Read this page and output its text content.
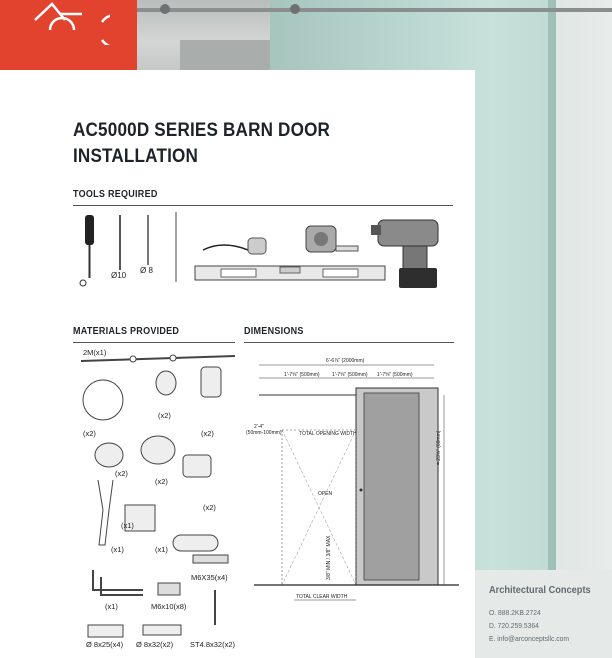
AC5000D SERIES BARN DOOR
INSTALLATION
TOOLS REQUIRED
Ø10
Ø 8
MATERIALS PROVIDED	DIMENSIONS
2M(x1)
(x2)
(x2)
(x2)
(x2)
(x2)
(x2)
(x1)
(x1)	(x1)
M6X35(x4)
(x1)	M6x10(x8)
Ø 8x25(x4) Ø 8x32(x2) ST4.8x32(x2)
6'-6⅞" (2000mm)
1'-7⅝" (500mm) 1'-7⅝" (500mm) 1'-7⅝" (500mm)
2'-4"
(50mm-100mm)	TOTAL OPENING WIDTH
OPEN
= 23⅝" (60mm)
3/8" MIN / 3/8" MAX
TOTAL CLEAR WIDTH
Architectural Concepts
O. 888.2KB.2724
D. 720.259.5364
E. info@arconceptsllc.com
